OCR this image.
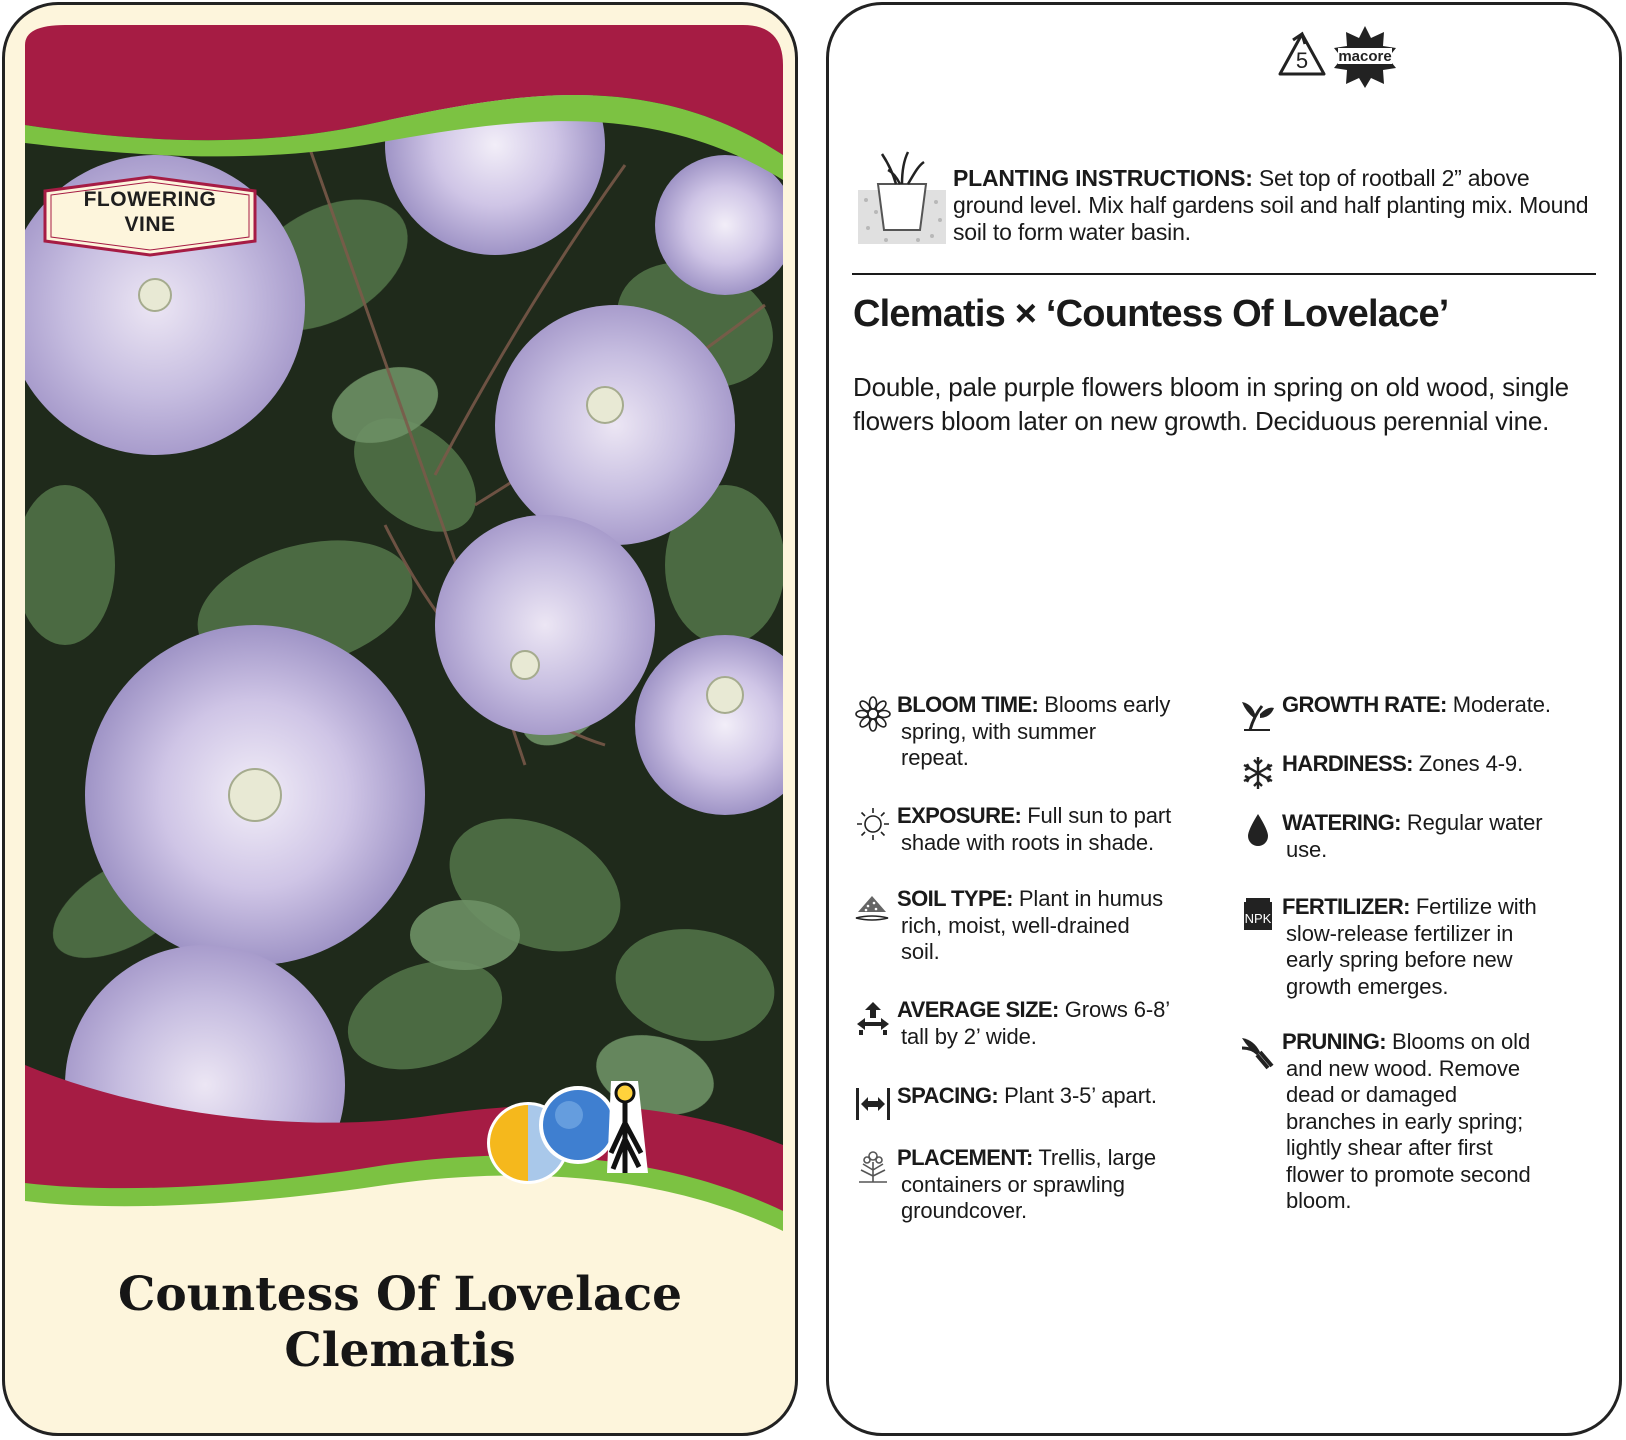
FLOWERING
VINE
Countess Of Lovelace
Clematis
5 macore
PLANTING INSTRUCTIONS: Set top of rootball 2” above ground level. Mix half gardens soil and half planting mix. Mound soil to form water basin.
Clematis × ‘Countess Of Lovelace’
Double, pale purple flowers bloom in spring on old wood, single flowers bloom later on new growth. Deciduous perennial vine.
BLOOM TIME: Blooms early
spring, with summer
repeat.
EXPOSURE: Full sun to part
shade with roots in shade.
SOIL TYPE: Plant in humus
rich, moist, well-drained
soil.
AVERAGE SIZE: Grows 6-8’
tall by 2’ wide.
SPACING: Plant 3-5’ apart.
PLACEMENT: Trellis, large
containers or sprawling
groundcover.
GROWTH RATE: Moderate.
HARDINESS: Zones 4-9.
WATERING: Regular water
use.
NPK FERTILIZER: Fertilize with
slow-release fertilizer in
early spring before new
growth emerges.
PRUNING: Blooms on old
and new wood. Remove
dead or damaged
branches in early spring;
lightly shear after first
flower to promote second
bloom.
